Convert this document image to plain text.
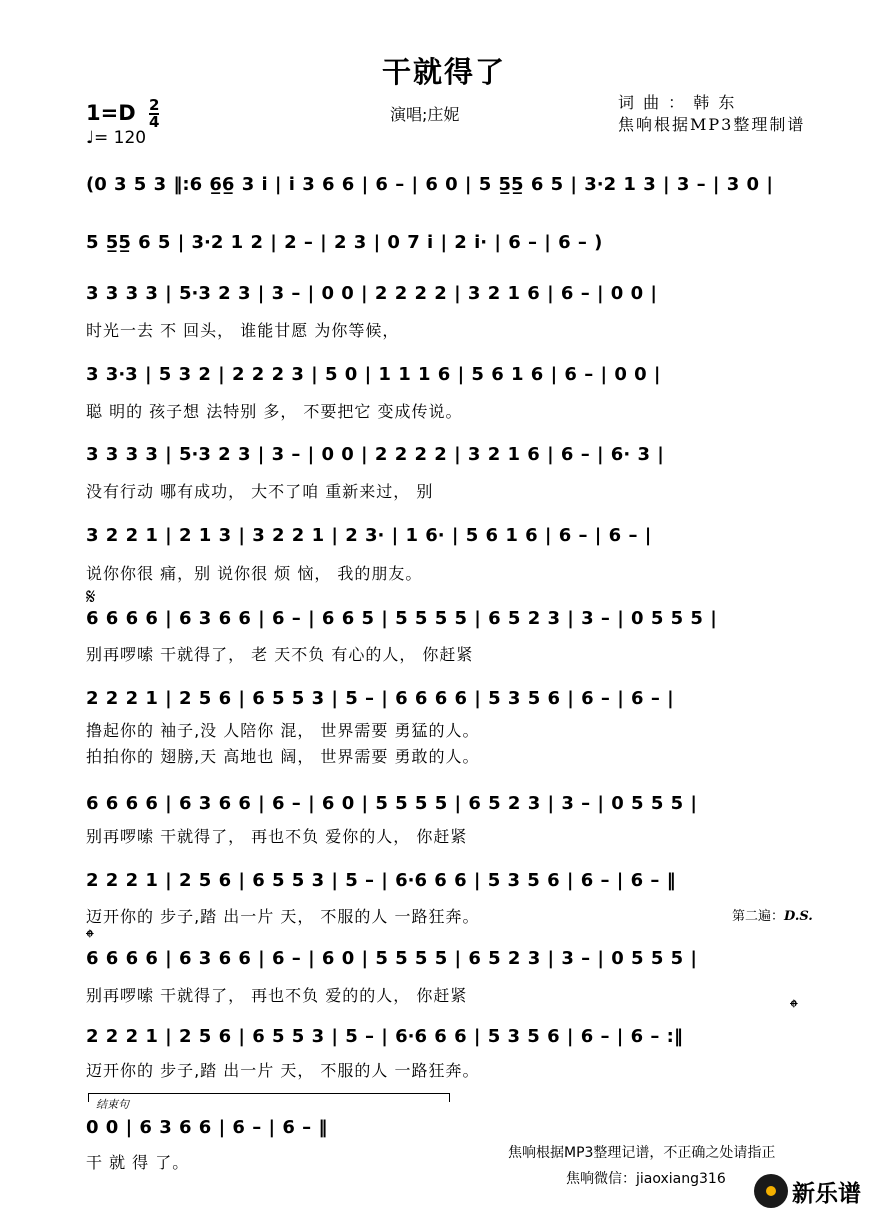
干就得了
$1=D \frac{2}{4}$
♩= 120
演唱;庄妮
词 曲 ： 韩 东
焦响根据MP3整理制谱
(0 3 5 3 ‖:6 6̲6̲ 3 i | i 3 6 6 | 6 – | 6 0 | 5 5̲5̲ 6 5 | 3·2 1 3 | 3 – | 3 0 |
5 5̲5̲ 6 5 | 3·2 1 2 | 2 – | 2 3 | 0 7 i | 2 i· | 6 – | 6 – )
3 3 3 3 | 5·3 2 3 | 3 – | 0 0 | 2 2 2 2 | 3 2 1 6 | 6 – | 0 0 |
时光一去 不 回头， 谁能甘愿 为你等候，
3 3·3 | 5 3 2 | 2 2 2 3 | 5 0 | 1 1 1 6 | 5 6 1 6 | 6 – | 0 0 |
聪 明的 孩子想 法特别 多， 不要把它 变成传说。
3 3 3 3 | 5·3 2 3 | 3 – | 0 0 | 2 2 2 2 | 3 2 1 6 | 6 – | 6· 3 |
没有行动 哪有成功， 大不了咱 重新来过， 别
3 2 2 1 | 2 1 3 | 3 2 2 1 | 2 3· | 1 6· | 5 6 1 6 | 6 – | 6 – |
说你你很 痛，别 说你很 烦 恼， 我的朋友。
𝄋
6 6 6 6 | 6 3 6 6 | 6 – | 6 6 5 | 5 5 5 5 | 6 5 2 3 | 3 – | 0 5 5 5 |
别再啰嗦 干就得了， 老 天不负 有心的人， 你赶紧
2 2 2 1 | 2 5 6 | 6 5 5 3 | 5 – | 6 6 6 6 | 5 3 5 6 | 6 – | 6 – |
撸起你的 袖子,没 人陪你 混， 世界需要 勇猛的人。
拍拍你的 翅膀,天 高地也 阔， 世界需要 勇敢的人。
6 6 6 6 | 6 3 6 6 | 6 – | 6 0 | 5 5 5 5 | 6 5 2 3 | 3 – | 0 5 5 5 |
别再啰嗦 干就得了， 再也不负 爱你的人， 你赶紧
2 2 2 1 | 2 5 6 | 6 5 5 3 | 5 – | 6·6 6 6 | 5 3 5 6 | 6 – | 6 – ‖
迈开你的 步子,踏 出一片 天， 不服的人 一路狂奔。	第二遍：D.S.
𝄌
6 6 6 6 | 6 3 6 6 | 6 – | 6 0 | 5 5 5 5 | 6 5 2 3 | 3 – | 0 5 5 5 |
别再啰嗦 干就得了， 再也不负 爱的的人， 你赶紧
𝄌
2 2 2 1 | 2 5 6 | 6 5 5 3 | 5 – | 6·6 6 6 | 5 3 5 6 | 6 – | 6 – :‖
迈开你的 步子,踏 出一片 天， 不服的人 一路狂奔。
结束句
0 0 | 6 3 6 6 | 6 – | 6 – ‖
干 就 得 了。	焦响根据MP3整理记谱，不正确之处请指正
焦响微信：jiaoxiang316
新乐谱
